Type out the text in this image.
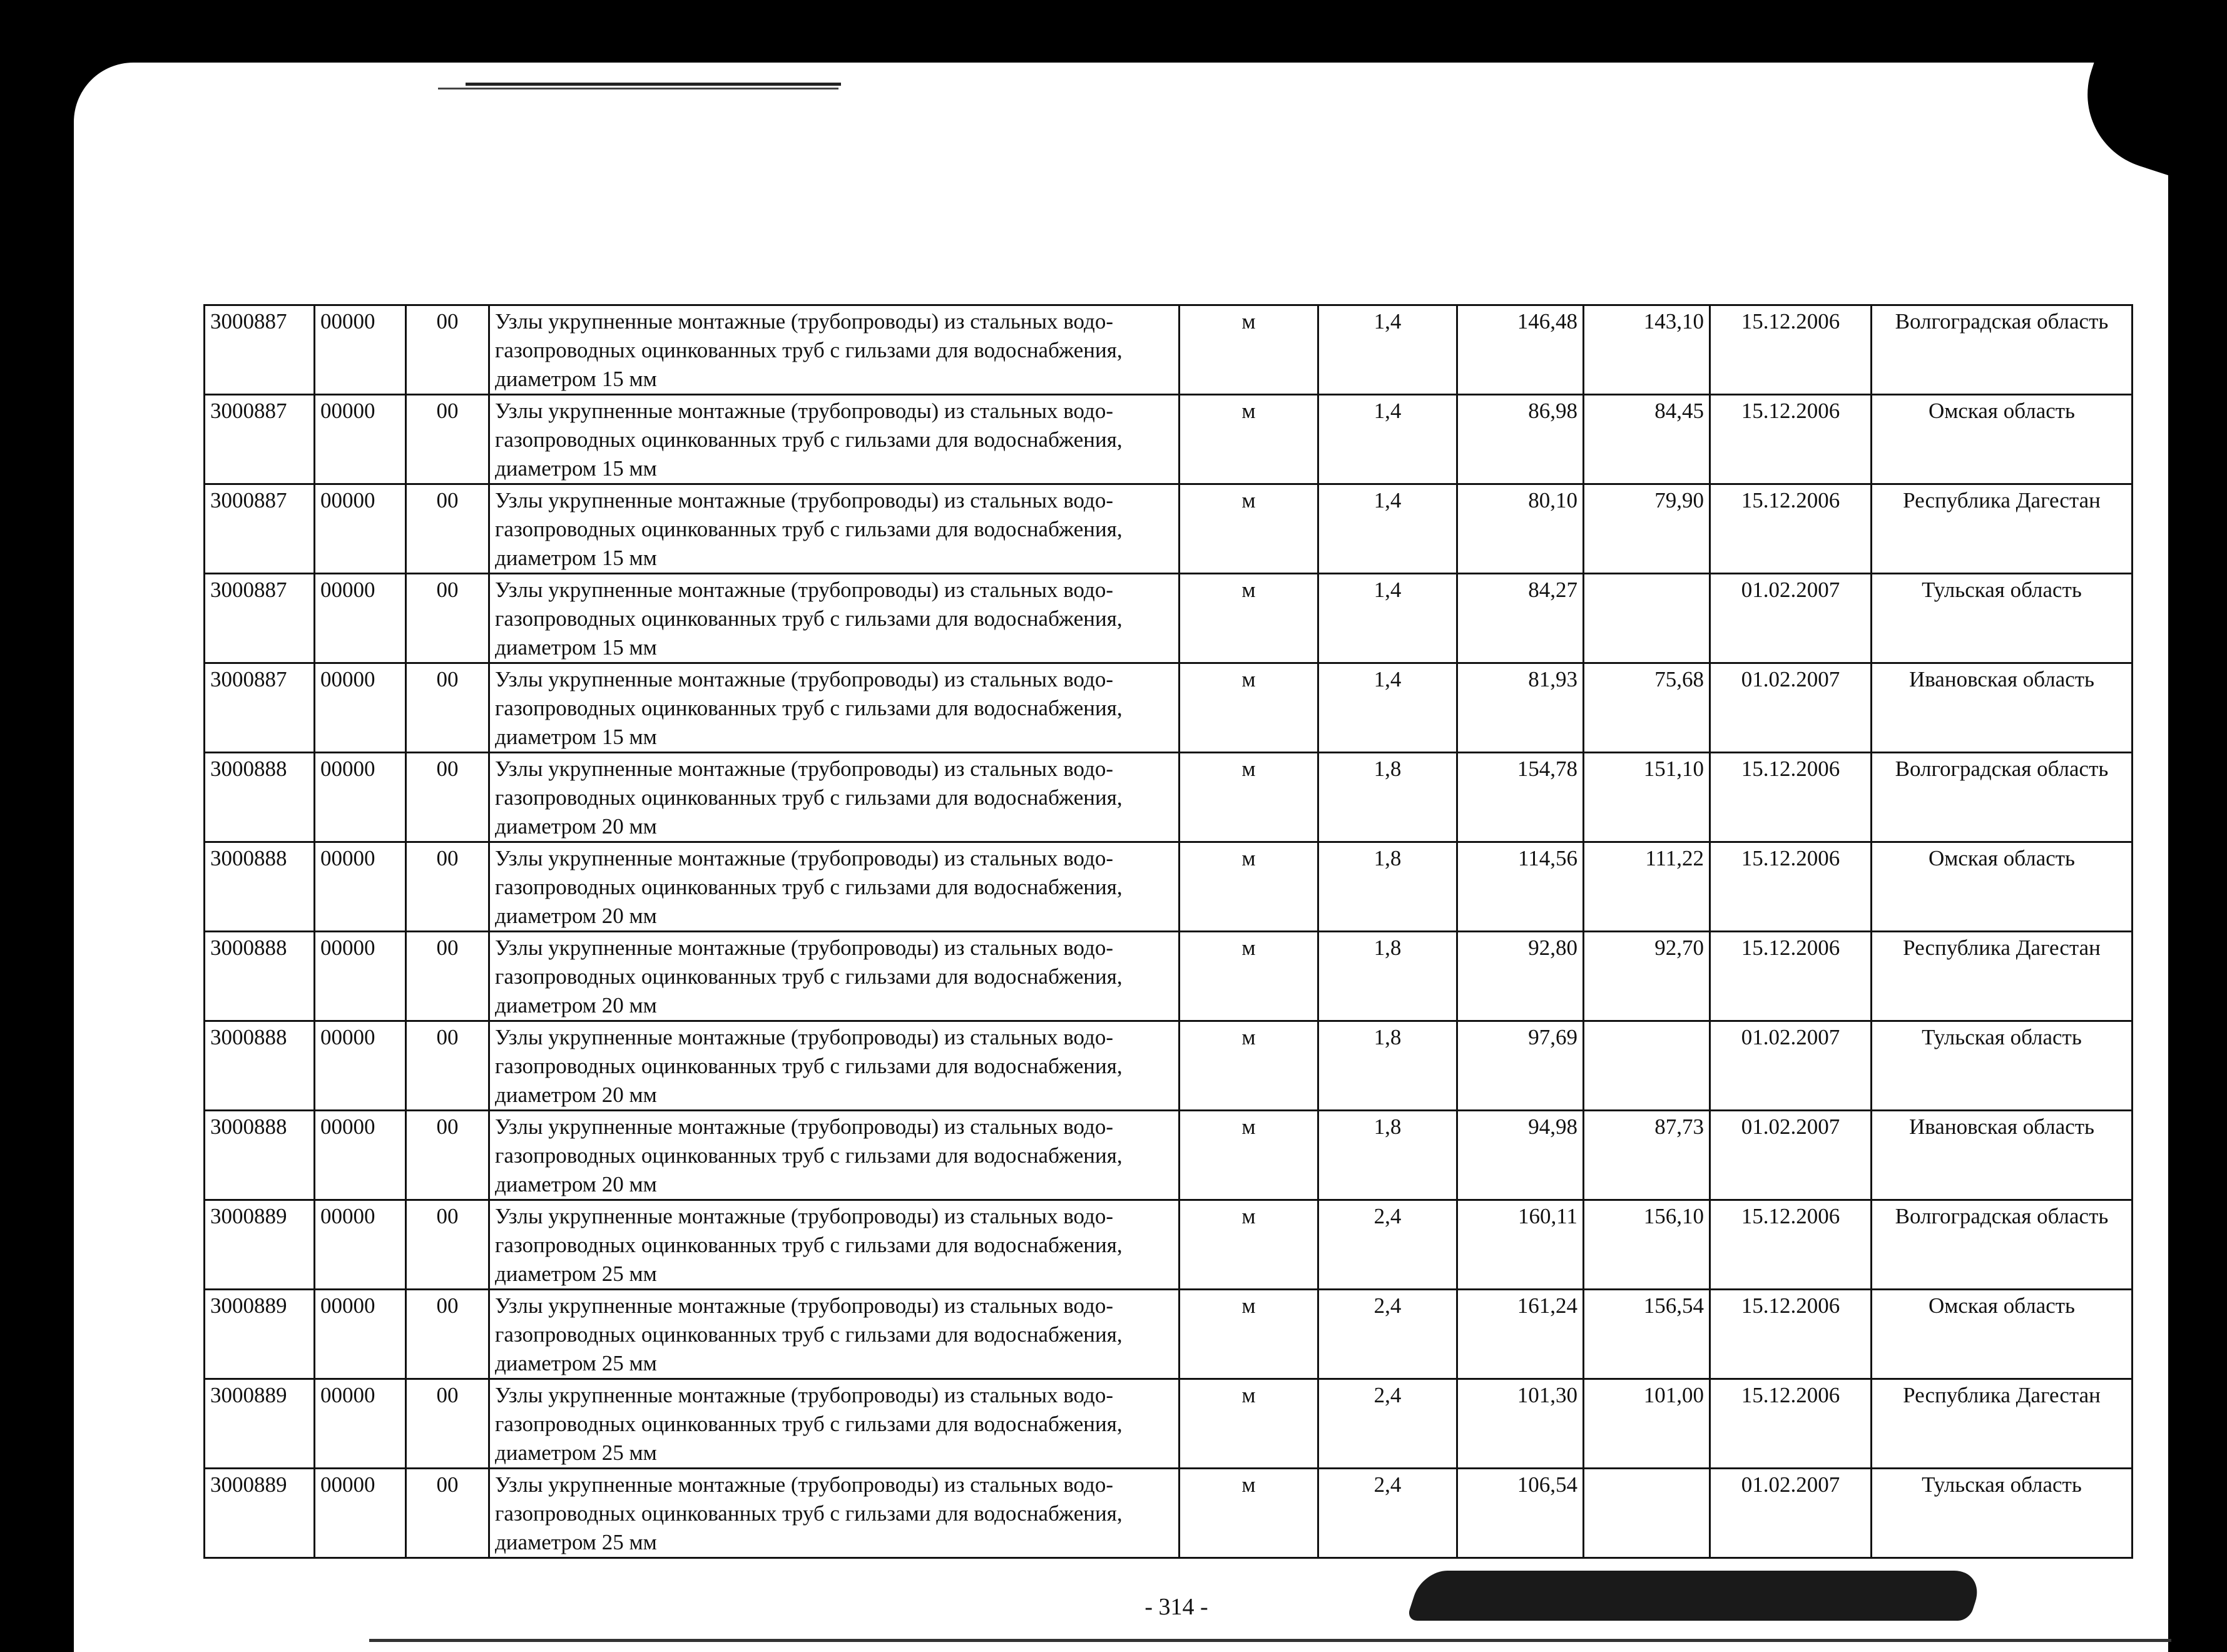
3000887	00000	00	Узлы укрупненные монтажные (трубопроводы) из стальных водо-газопроводных оцинкованных труб с гильзами для водоснабжения, диаметром 15 мм	м	1,4	146,48	143,10	15.12.2006	Волгоградская область
3000887	00000	00	Узлы укрупненные монтажные (трубопроводы) из стальных водо-газопроводных оцинкованных труб с гильзами для водоснабжения, диаметром 15 мм	м	1,4	86,98	84,45	15.12.2006	Омская область
3000887	00000	00	Узлы укрупненные монтажные (трубопроводы) из стальных водо-газопроводных оцинкованных труб с гильзами для водоснабжения, диаметром 15 мм	м	1,4	80,10	79,90	15.12.2006	Республика Дагестан
3000887	00000	00	Узлы укрупненные монтажные (трубопроводы) из стальных водо-газопроводных оцинкованных труб с гильзами для водоснабжения, диаметром 15 мм	м	1,4	84,27		01.02.2007	Тульская область
3000887	00000	00	Узлы укрупненные монтажные (трубопроводы) из стальных водо-газопроводных оцинкованных труб с гильзами для водоснабжения, диаметром 15 мм	м	1,4	81,93	75,68	01.02.2007	Ивановская область
3000888	00000	00	Узлы укрупненные монтажные (трубопроводы) из стальных водо-газопроводных оцинкованных труб с гильзами для водоснабжения, диаметром 20 мм	м	1,8	154,78	151,10	15.12.2006	Волгоградская область
3000888	00000	00	Узлы укрупненные монтажные (трубопроводы) из стальных водо-газопроводных оцинкованных труб с гильзами для водоснабжения, диаметром 20 мм	м	1,8	114,56	111,22	15.12.2006	Омская область
3000888	00000	00	Узлы укрупненные монтажные (трубопроводы) из стальных водо-газопроводных оцинкованных труб с гильзами для водоснабжения, диаметром 20 мм	м	1,8	92,80	92,70	15.12.2006	Республика Дагестан
3000888	00000	00	Узлы укрупненные монтажные (трубопроводы) из стальных водо-газопроводных оцинкованных труб с гильзами для водоснабжения, диаметром 20 мм	м	1,8	97,69		01.02.2007	Тульская область
3000888	00000	00	Узлы укрупненные монтажные (трубопроводы) из стальных водо-газопроводных оцинкованных труб с гильзами для водоснабжения, диаметром 20 мм	м	1,8	94,98	87,73	01.02.2007	Ивановская область
3000889	00000	00	Узлы укрупненные монтажные (трубопроводы) из стальных водо-газопроводных оцинкованных труб с гильзами для водоснабжения, диаметром 25 мм	м	2,4	160,11	156,10	15.12.2006	Волгоградская область
3000889	00000	00	Узлы укрупненные монтажные (трубопроводы) из стальных водо-газопроводных оцинкованных труб с гильзами для водоснабжения, диаметром 25 мм	м	2,4	161,24	156,54	15.12.2006	Омская область
3000889	00000	00	Узлы укрупненные монтажные (трубопроводы) из стальных водо-газопроводных оцинкованных труб с гильзами для водоснабжения, диаметром 25 мм	м	2,4	101,30	101,00	15.12.2006	Республика Дагестан
3000889	00000	00	Узлы укрупненные монтажные (трубопроводы) из стальных водо-газопроводных оцинкованных труб с гильзами для водоснабжения, диаметром 25 мм	м	2,4	106,54		01.02.2007	Тульская область
- 314 -
